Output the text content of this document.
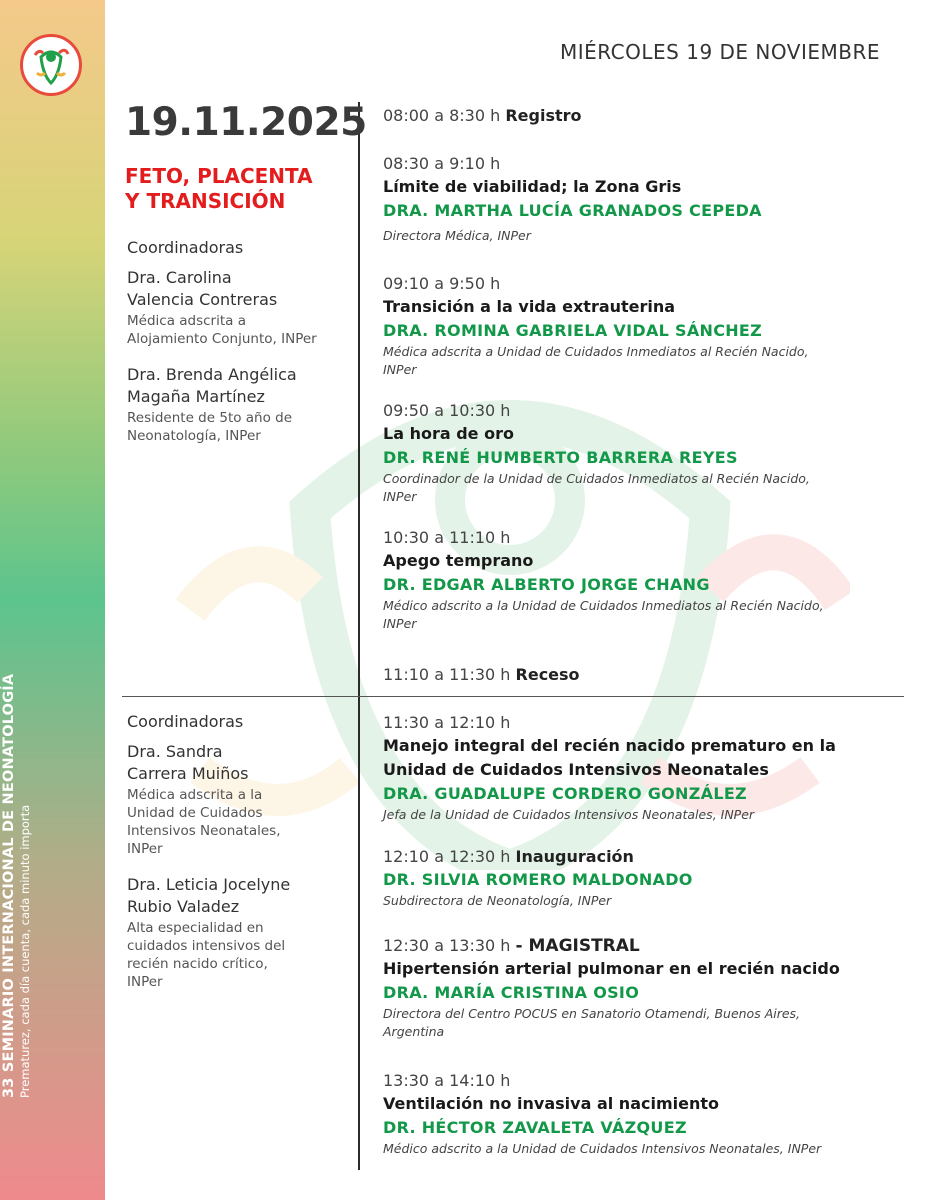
33 SEMINARIO INTERNACIONAL DE NEONATOLOGÍA Prematurez, cada día cuenta, cada minuto importa
MIÉRCOLES 19 DE NOVIEMBRE
19.11.2025
FETO, PLACENTA
Y TRANSICIÓN
Coordinadoras
Dra. Carolina
Valencia Contreras
Médica adscrita a
Alojamiento Conjunto, INPer
Dra. Brenda Angélica
Magaña Martínez
Residente de 5to año de
Neonatología, INPer
Coordinadoras
Dra. Sandra
Carrera Muiños
Médica adscrita a la
Unidad de Cuidados
Intensivos Neonatales,
INPer
Dra. Leticia Jocelyne
Rubio Valadez
Alta especialidad en
cuidados intensivos del
recién nacido crítico,
INPer
08:00 a 8:30 h Registro
08:30 a 9:10 h
Límite de viabilidad; la Zona Gris
DRA. MARTHA LUCÍA GRANADOS CEPEDA
Directora Médica, INPer
09:10 a 9:50 h
Transición a la vida extrauterina
DRA. ROMINA GABRIELA VIDAL SÁNCHEZ
Médica adscrita a Unidad de Cuidados Inmediatos al Recién Nacido,
INPer
09:50 a 10:30 h
La hora de oro
DR. RENÉ HUMBERTO BARRERA REYES
Coordinador de la Unidad de Cuidados Inmediatos al Recién Nacido,
INPer
10:30 a 11:10 h
Apego temprano
DR. EDGAR ALBERTO JORGE CHANG
Médico adscrito a la Unidad de Cuidados Inmediatos al Recién Nacido,
INPer
11:10 a 11:30 h Receso
11:30 a 12:10 h
Manejo integral del recién nacido prematuro en la
Unidad de Cuidados Intensivos Neonatales
DRA. GUADALUPE CORDERO GONZÁLEZ
Jefa de la Unidad de Cuidados Intensivos Neonatales, INPer
12:10 a 12:30 h Inauguración
DR. SILVIA ROMERO MALDONADO
Subdirectora de Neonatología, INPer
12:30 a 13:30 h - MAGISTRAL
Hipertensión arterial pulmonar en el recién nacido
DRA. MARÍA CRISTINA OSIO
Directora del Centro POCUS en Sanatorio Otamendi, Buenos Aires,
Argentina
13:30 a 14:10 h
Ventilación no invasiva al nacimiento
DR. HÉCTOR ZAVALETA VÁZQUEZ
Médico adscrito a la Unidad de Cuidados Intensivos Neonatales, INPer
